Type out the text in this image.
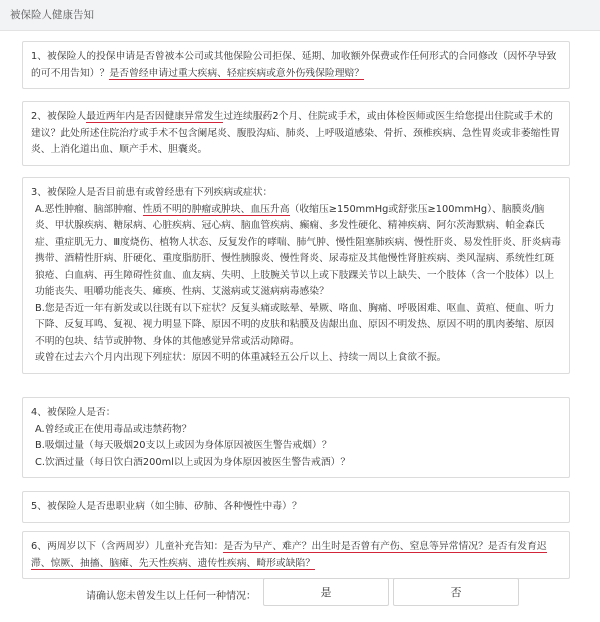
被保险人健康告知

1、被保险人的投保申请是否曾被本公司或其他保险公司拒保、延期、加收额外保费或作任何形式的合同修改（因怀孕导致的可不用告知）？是否曾经申请过重大疾病、轻症疾病或意外伤残保险理赔？

2、被保险人最近两年内是否因健康异常发生过连续服药2个月、住院或手术，或由体检医师或医生给您提出住院或手术的建议？此处所述住院治疗或手术不包含阑尾炎、腹股沟疝、肺炎、上呼吸道感染、骨折、颈椎疾病、急性胃炎或非萎缩性胃炎、上消化道出血、顺产手术、胆囊炎。

3、被保险人是否目前患有或曾经患有下列疾病或症状：

A.恶性肿瘤、脑部肿瘤、性质不明的肿瘤或肿块、血压升高（收缩压≥150mmHg或舒张压≥100mmHg）、脑膜炎/脑炎、甲状腺疾病、糖尿病、心脏疾病、冠心病、脑血管疾病、癫痫、多发性硬化、精神疾病、阿尔茨海默病、帕金森氏症、重症肌无力、Ⅲ度烧伤、植物人状态、反复发作的哮喘、肺气肿、慢性阻塞肺疾病、慢性肝炎、易发性肝炎、肝炎病毒携带、酒精性肝病、肝硬化、重度脂肪肝、慢性胰腺炎、慢性肾炎、尿毒症及其他慢性肾脏疾病、类风湿病、系统性红斑狼疮、白血病、再生障碍性贫血、血友病、失明、上肢腕关节以上或下肢踝关节以上缺失、一个肢体（含一个肢体）以上功能丧失、咀嚼功能丧失、瘫痪、性病、艾滋病或艾滋病病毒感染？

B.您是否近一年有新发或以往既有以下症状？反复头痛或眩晕、晕厥、咯血、胸痛、呼吸困难、呕血、黄疸、便血、听力下降、反复耳鸣、复视、视力明显下降、原因不明的皮肤和粘膜及齿龈出血、原因不明发热、原因不明的肌肉萎缩、原因不明的包块、结节或肿物、身体的其他感觉异常或活动障碍。

或曾在过去六个月内出现下列症状：原因不明的体重减轻五公斤以上、持续一周以上食欲不振。

4、被保险人是否：

A.曾经或正在使用毒品或违禁药物？

B.吸烟过量（每天吸烟20支以上或因为身体原因被医生警告戒烟）？

C.饮酒过量（每日饮白酒200ml以上或因为身体原因被医生警告戒酒）？

5、被保险人是否患职业病（如尘肺、矽肺、各种慢性中毒）？

6、两周岁以下（含两周岁）儿童补充告知：是否为早产、难产？出生时是否曾有产伤、窒息等异常情况？是否有发育迟滞、惊厥、抽搐、脑瘫、先天性疾病、遗传性疾病、畸形或缺陷？

请确认您未曾发生以上任何一种情况：	是	否
